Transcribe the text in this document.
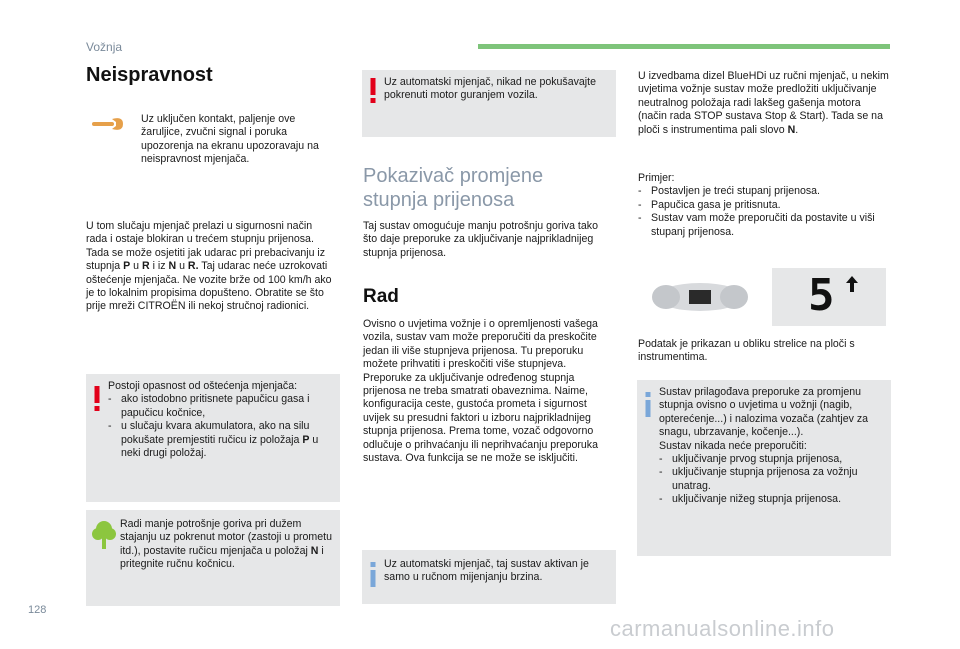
Vožnja
128
carmanualsonline.info
Neispravnost
Uz uključen kontakt, paljenje ove žaruljice, zvučni signal i poruka upozorenja na ekranu upozoravaju na neispravnost mjenjača.
U tom slučaju mjenjač prelazi u sigurnosni način rada i ostaje blokiran u trećem stupnju prijenosa. Tada se može osjetiti jak udarac pri prebacivanju iz stupnja P u R i iz N u R. Taj udarac neće uzrokovati oštećenje mjenjača. Ne vozite brže od 100 km/h ako je to lokalnim propisima dopušteno. Obratite se što prije mreži CITROËN ili nekoj stručnoj radionici.
Postoji opasnost od oštećenja mjenjača:
- ako istodobno pritisnete papučicu gasa i papučicu kočnice,
- u slučaju kvara akumulatora, ako na silu pokušate premjestiti ručicu iz položaja P u neki drugi položaj.
Radi manje potrošnje goriva pri dužem stajanju uz pokrenut motor (zastoji u prometu itd.), postavite ručicu mjenjača u položaj N i pritegnite ručnu kočnicu.
Uz automatski mjenjač, nikad ne pokušavajte pokrenuti motor guranjem vozila.
Pokazivač promjene
stupnja prijenosa
Taj sustav omogućuje manju potrošnju goriva tako što daje preporuke za uključivanje najprikladnijeg stupnja prijenosa.
Rad
Ovisno o uvjetima vožnje i o opremljenosti vašega vozila, sustav vam može preporučiti da preskočite jedan ili više stupnjeva prijenosa. Tu preporuku možete prihvatiti i preskočiti više stupnjeva. Preporuke za uključivanje određenog stupnja prijenosa ne treba smatrati obaveznima. Naime, konfiguracija ceste, gustoća prometa i sigurnost uvijek su presudni faktori u izboru najprikladnijeg stupnja prijenosa. Prema tome, vozač odgovorno odlučuje o prihvaćanju ili neprihvaćanju preporuka sustava. Ova funkcija se ne može se isključiti.
Uz automatski mjenjač, taj sustav aktivan je samo u ručnom mijenjanju brzina.
U izvedbama dizel BlueHDi uz ručni mjenjač, u nekim uvjetima vožnje sustav može predložiti uključivanje neutralnog položaja radi lakšeg gašenja motora (način rada STOP sustava Stop & Start). Tada se na ploči s instrumentima pali slovo N.
Primjer:
- Postavljen je treći stupanj prijenosa.
- Papučica gasa je pritisnuta.
- Sustav vam može preporučiti da postavite u viši stupanj prijenosa.
5
Podatak je prikazan u obliku strelice na ploči s instrumentima.
Sustav prilagođava preporuke za promjenu stupnja ovisno o uvjetima u vožnji (nagib, opterećenje...) i nalozima vozača (zahtjev za snagu, ubrzavanje, kočenje...).
Sustav nikada neće preporučiti:
- uključivanje prvog stupnja prijenosa,
- uključivanje stupnja prijenosa za vožnju unatrag.
- uključivanje nižeg stupnja prijenosa.
